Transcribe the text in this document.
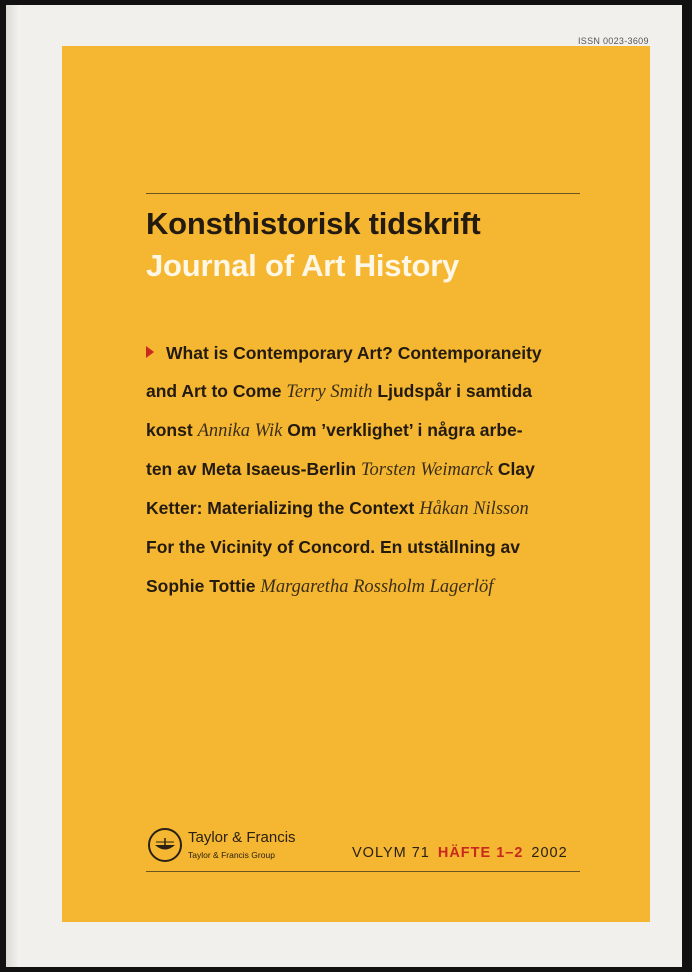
ISSN 0023-3609
Konsthistorisk tidskrift
Journal of Art History
What is Contemporary Art? Contemporaneity
and Art to Come Terry Smith Ljudspår i samtida
konst Annika Wik Om ’verklighet’ i några arbe-
ten av Meta Isaeus-Berlin Torsten Weimarck Clay
Ketter: Materializing the Context Håkan Nilsson
For the Vicinity of Concord. En utställning av
Sophie Tottie Margaretha Rossholm Lagerlöf
Taylor & Francis
Taylor & Francis Group	VOLYM 71 HÄFTE 1–2 2002
